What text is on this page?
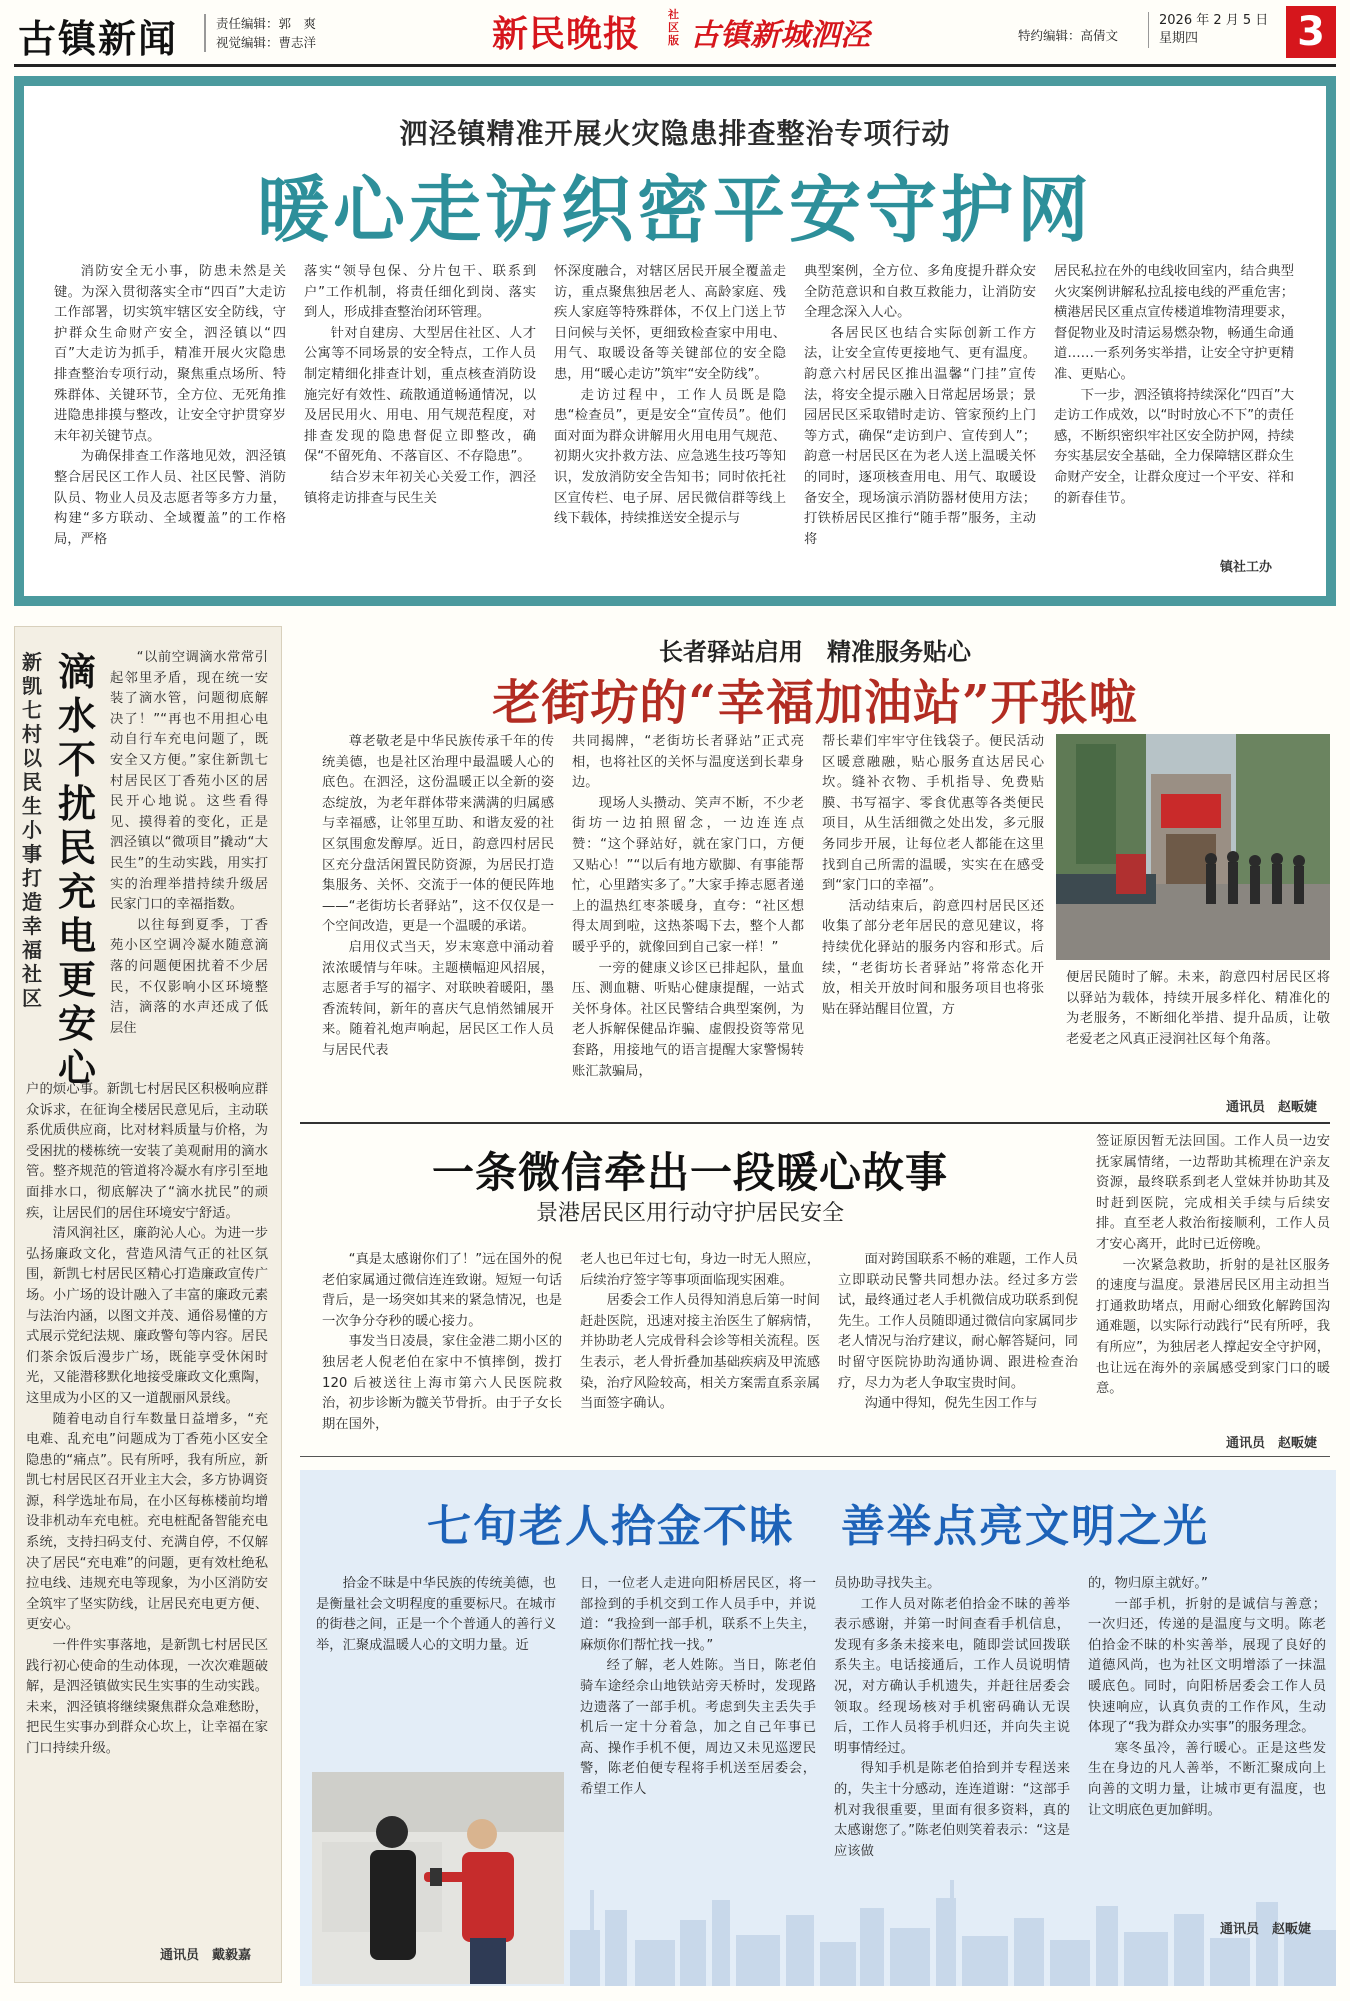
古镇新闻	责任编辑：郭　爽
视觉编辑：曹志洋	新民晚报	社区版 古镇新城泗泾	特约编辑：高倩文
2026 年 2 月 5 日
星期四	3
泗泾镇精准开展火灾隐患排查整治专项行动
暖心走访织密平安守护网

消防安全无小事，防患未然是关键。为深入贯彻落实全市“四百”大走访工作部署，切实筑牢辖区安全防线，守护群众生命财产安全，泗泾镇以“四百”大走访为抓手，精准开展火灾隐患排查整治专项行动，聚焦重点场所、特殊群体、关键环节，全方位、无死角推进隐患排摸与整改，让安全守护贯穿岁末年初关键节点。

为确保排查工作落地见效，泗泾镇整合居民区工作人员、社区民警、消防队员、物业人员及志愿者等多方力量，构建“多方联动、全域覆盖”的工作格局，严格

落实“领导包保、分片包干、联系到户”工作机制，将责任细化到岗、落实到人，形成排查整治闭环管理。

针对自建房、大型居住社区、人才公寓等不同场景的安全特点，工作人员制定精细化排查计划，重点核查消防设施完好有效性、疏散通道畅通情况，以及居民用火、用电、用气规范程度，对排查发现的隐患督促立即整改，确保“不留死角、不落盲区、不存隐患”。

结合岁末年初关心关爱工作，泗泾镇将走访排查与民生关

怀深度融合，对辖区居民开展全覆盖走访，重点聚焦独居老人、高龄家庭、残疾人家庭等特殊群体，不仅上门送上节日问候与关怀，更细致检查家中用电、用气、取暖设备等关键部位的安全隐患，用“暖心走访”筑牢“安全防线”。

走访过程中，工作人员既是隐患“检查员”，更是安全“宣传员”。他们面对面为群众讲解用火用电用气规范、初期火灾扑救方法、应急逃生技巧等知识，发放消防安全告知书；同时依托社区宣传栏、电子屏、居民微信群等线上线下载体，持续推送安全提示与

典型案例，全方位、多角度提升群众安全防范意识和自救互救能力，让消防安全理念深入人心。

各居民区也结合实际创新工作方法，让安全宣传更接地气、更有温度。韵意六村居民区推出温馨“门挂”宣传法，将安全提示融入日常起居场景；景园居民区采取错时走访、管家预约上门等方式，确保“走访到户、宣传到人”；韵意一村居民区在为老人送上温暖关怀的同时，逐项核查用电、用气、取暖设备安全，现场演示消防器材使用方法；打铁桥居民区推行“随手帮”服务，主动将

居民私拉在外的电线收回室内，结合典型火灾案例讲解私拉乱接电线的严重危害；横港居民区重点宣传楼道堆物清理要求，督促物业及时清运易燃杂物，畅通生命通道……一系列务实举措，让安全守护更精准、更贴心。

下一步，泗泾镇将持续深化“四百”大走访工作成效，以“时时放心不下”的责任感，不断织密织牢社区安全防护网，持续夯实基层安全基础，全力保障辖区群众生命财产安全，让群众度过一个平安、祥和的新春佳节。

镇社工办
新凯七村以民生小事打造幸福社区
滴水不扰民 充电更安心

“以前空调滴水常常引起邻里矛盾，现在统一安装了滴水管，问题彻底解决了！”“再也不用担心电动自行车充电问题了，既安全又方便。”家住新凯七村居民区丁香苑小区的居民开心地说。这些看得见、摸得着的变化，正是泗泾镇以“微项目”撬动“大民生”的生动实践，用实打实的治理举措持续升级居民家门口的幸福指数。

以往每到夏季，丁香苑小区空调冷凝水随意滴落的问题便困扰着不少居民，不仅影响小区环境整洁，滴落的水声还成了低层住

户的烦心事。新凯七村居民区积极响应群众诉求，在征询全楼居民意见后，主动联系优质供应商，比对材料质量与价格，为受困扰的楼栋统一安装了美观耐用的滴水管。整齐规范的管道将冷凝水有序引至地面排水口，彻底解决了“滴水扰民”的顽疾，让居民们的居住环境安宁舒适。

清风润社区，廉韵沁人心。为进一步弘扬廉政文化，营造风清气正的社区氛围，新凯七村居民区精心打造廉政宣传广场。小广场的设计融入了丰富的廉政元素与法治内涵，以图文并茂、通俗易懂的方式展示党纪法规、廉政警句等内容。居民们茶余饭后漫步广场，既能享受休闲时光，又能潜移默化地接受廉政文化熏陶，这里成为小区的又一道靓丽风景线。

随着电动自行车数量日益增多，“充电难、乱充电”问题成为丁香苑小区安全隐患的“痛点”。民有所呼，我有所应，新凯七村居民区召开业主大会，多方协调资源，科学选址布局，在小区每栋楼前均增设非机动车充电桩。充电桩配备智能充电系统，支持扫码支付、充满自停，不仅解决了居民“充电难”的问题，更有效杜绝私拉电线、违规充电等现象，为小区消防安全筑牢了坚实防线，让居民充电更方便、更安心。

一件件实事落地，是新凯七村居民区践行初心使命的生动体现，一次次难题破解，是泗泾镇做实民生实事的生动实践。未来，泗泾镇将继续聚焦群众急难愁盼，把民生实事办到群众心坎上，让幸福在家门口持续升级。

通讯员　戴毅嘉
长者驿站启用　精准服务贴心
老街坊的“幸福加油站”开张啦

尊老敬老是中华民族传承千年的传统美德，也是社区治理中最温暖人心的底色。在泗泾，这份温暖正以全新的姿态绽放，为老年群体带来满满的归属感与幸福感，让邻里互助、和谐友爱的社区氛围愈发醇厚。近日，韵意四村居民区充分盘活闲置民防资源，为居民打造集服务、关怀、交流于一体的便民阵地——“老街坊长者驿站”，这不仅仅是一个空间改造，更是一个温暖的承诺。

启用仪式当天，岁末寒意中涌动着浓浓暖情与年味。主题横幅迎风招展，志愿者手写的福字、对联映着暖阳，墨香流转间，新年的喜庆气息悄然铺展开来。随着礼炮声响起，居民区工作人员与居民代表

共同揭牌，“老街坊长者驿站”正式亮相，也将社区的关怀与温度送到长辈身边。

现场人头攒动、笑声不断，不少老街坊一边拍照留念，一边连连点赞：“这个驿站好，就在家门口，方便又贴心！”“以后有地方歇脚、有事能帮忙，心里踏实多了。”大家手捧志愿者递上的温热红枣茶暖身，直夸：“社区想得太周到啦，这热茶喝下去，整个人都暖乎乎的，就像回到自己家一样！”

一旁的健康义诊区已排起队，量血压、测血糖、听贴心健康提醒，一站式关怀身体。社区民警结合典型案例，为老人拆解保健品诈骗、虚假投资等常见套路，用接地气的语言提醒大家警惕转账汇款骗局，

帮长辈们牢牢守住钱袋子。便民活动区暖意融融，贴心服务直达居民心坎。缝补衣物、手机指导、免费贴膜、书写福字、零食优惠等各类便民项目，从生活细微之处出发，多元服务同步开展，让每位老人都能在这里找到自己所需的温暖，实实在在感受到“家门口的幸福”。

活动结束后，韵意四村居民区还收集了部分老年居民的意见建议，将持续优化驿站的服务内容和形式。后续，“老街坊长者驿站”将常态化开放，相关开放时间和服务项目也将张贴在驿站醒目位置，方

便居民随时了解。未来，韵意四村居民区将以驿站为载体，持续开展多样化、精准化的为老服务，不断细化举措、提升品质，让敬老爱老之风真正浸润社区每个角落。

通讯员　赵畈婕
一条微信牵出一段暖心故事
景港居民区用行动守护居民安全

“真是太感谢你们了！”远在国外的倪老伯家属通过微信连连致谢。短短一句话背后，是一场突如其来的紧急情况，也是一次争分夺秒的暖心接力。

事发当日凌晨，家住金港二期小区的独居老人倪老伯在家中不慎摔倒，拨打 120 后被送往上海市第六人民医院救治，初步诊断为髋关节骨折。由于子女长期在国外，

老人也已年过七旬，身边一时无人照应，后续治疗签字等事项面临现实困难。

居委会工作人员得知消息后第一时间赶赴医院，迅速对接主治医生了解病情，并协助老人完成骨科会诊等相关流程。医生表示，老人骨折叠加基础疾病及甲流感染，治疗风险较高，相关方案需直系亲属当面签字确认。

面对跨国联系不畅的难题，工作人员立即联动民警共同想办法。经过多方尝试，最终通过老人手机微信成功联系到倪先生。工作人员随即通过微信向家属同步老人情况与治疗建议，耐心解答疑问，同时留守医院协助沟通协调、跟进检查治疗，尽力为老人争取宝贵时间。

沟通中得知，倪先生因工作与

签证原因暂无法回国。工作人员一边安抚家属情绪，一边帮助其梳理在沪亲友资源，最终联系到老人堂妹并协助其及时赶到医院，完成相关手续与后续安排。直至老人救治衔接顺利，工作人员才安心离开，此时已近傍晚。

一次紧急救助，折射的是社区服务的速度与温度。景港居民区用主动担当打通救助堵点，用耐心细致化解跨国沟通难题，以实际行动践行“民有所呼，我有所应”，为独居老人撑起安全守护网，也让远在海外的亲属感受到家门口的暖意。

通讯员　赵畈婕
七旬老人拾金不昧　善举点亮文明之光

拾金不昧是中华民族的传统美德，也是衡量社会文明程度的重要标尺。在城市的街巷之间，正是一个个普通人的善行义举，汇聚成温暖人心的文明力量。近

日，一位老人走进向阳桥居民区，将一部捡到的手机交到工作人员手中，并说道：“我捡到一部手机，联系不上失主，麻烦你们帮忙找一找。”

经了解，老人姓陈。当日，陈老伯骑车途经佘山地铁站旁天桥时，发现路边遗落了一部手机。考虑到失主丢失手机后一定十分着急，加之自己年事已高、操作手机不便，周边又未见巡逻民警，陈老伯便专程将手机送至居委会，希望工作人

员协助寻找失主。

工作人员对陈老伯拾金不昧的善举表示感谢，并第一时间查看手机信息，发现有多条未接来电，随即尝试回拨联系失主。电话接通后，工作人员说明情况，对方确认手机遗失，并赶往居委会领取。经现场核对手机密码确认无误后，工作人员将手机归还，并向失主说明事情经过。

得知手机是陈老伯拾到并专程送来的，失主十分感动，连连道谢：“这部手机对我很重要，里面有很多资料，真的太感谢您了。”陈老伯则笑着表示：“这是应该做

的，物归原主就好。”

一部手机，折射的是诚信与善意；一次归还，传递的是温度与文明。陈老伯拾金不昧的朴实善举，展现了良好的道德风尚，也为社区文明增添了一抹温暖底色。同时，向阳桥居委会工作人员快速响应，认真负责的工作作风，生动体现了“我为群众办实事”的服务理念。

寒冬虽冷，善行暖心。正是这些发生在身边的凡人善举，不断汇聚成向上向善的文明力量，让城市更有温度，也让文明底色更加鲜明。

通讯员　赵畈婕
